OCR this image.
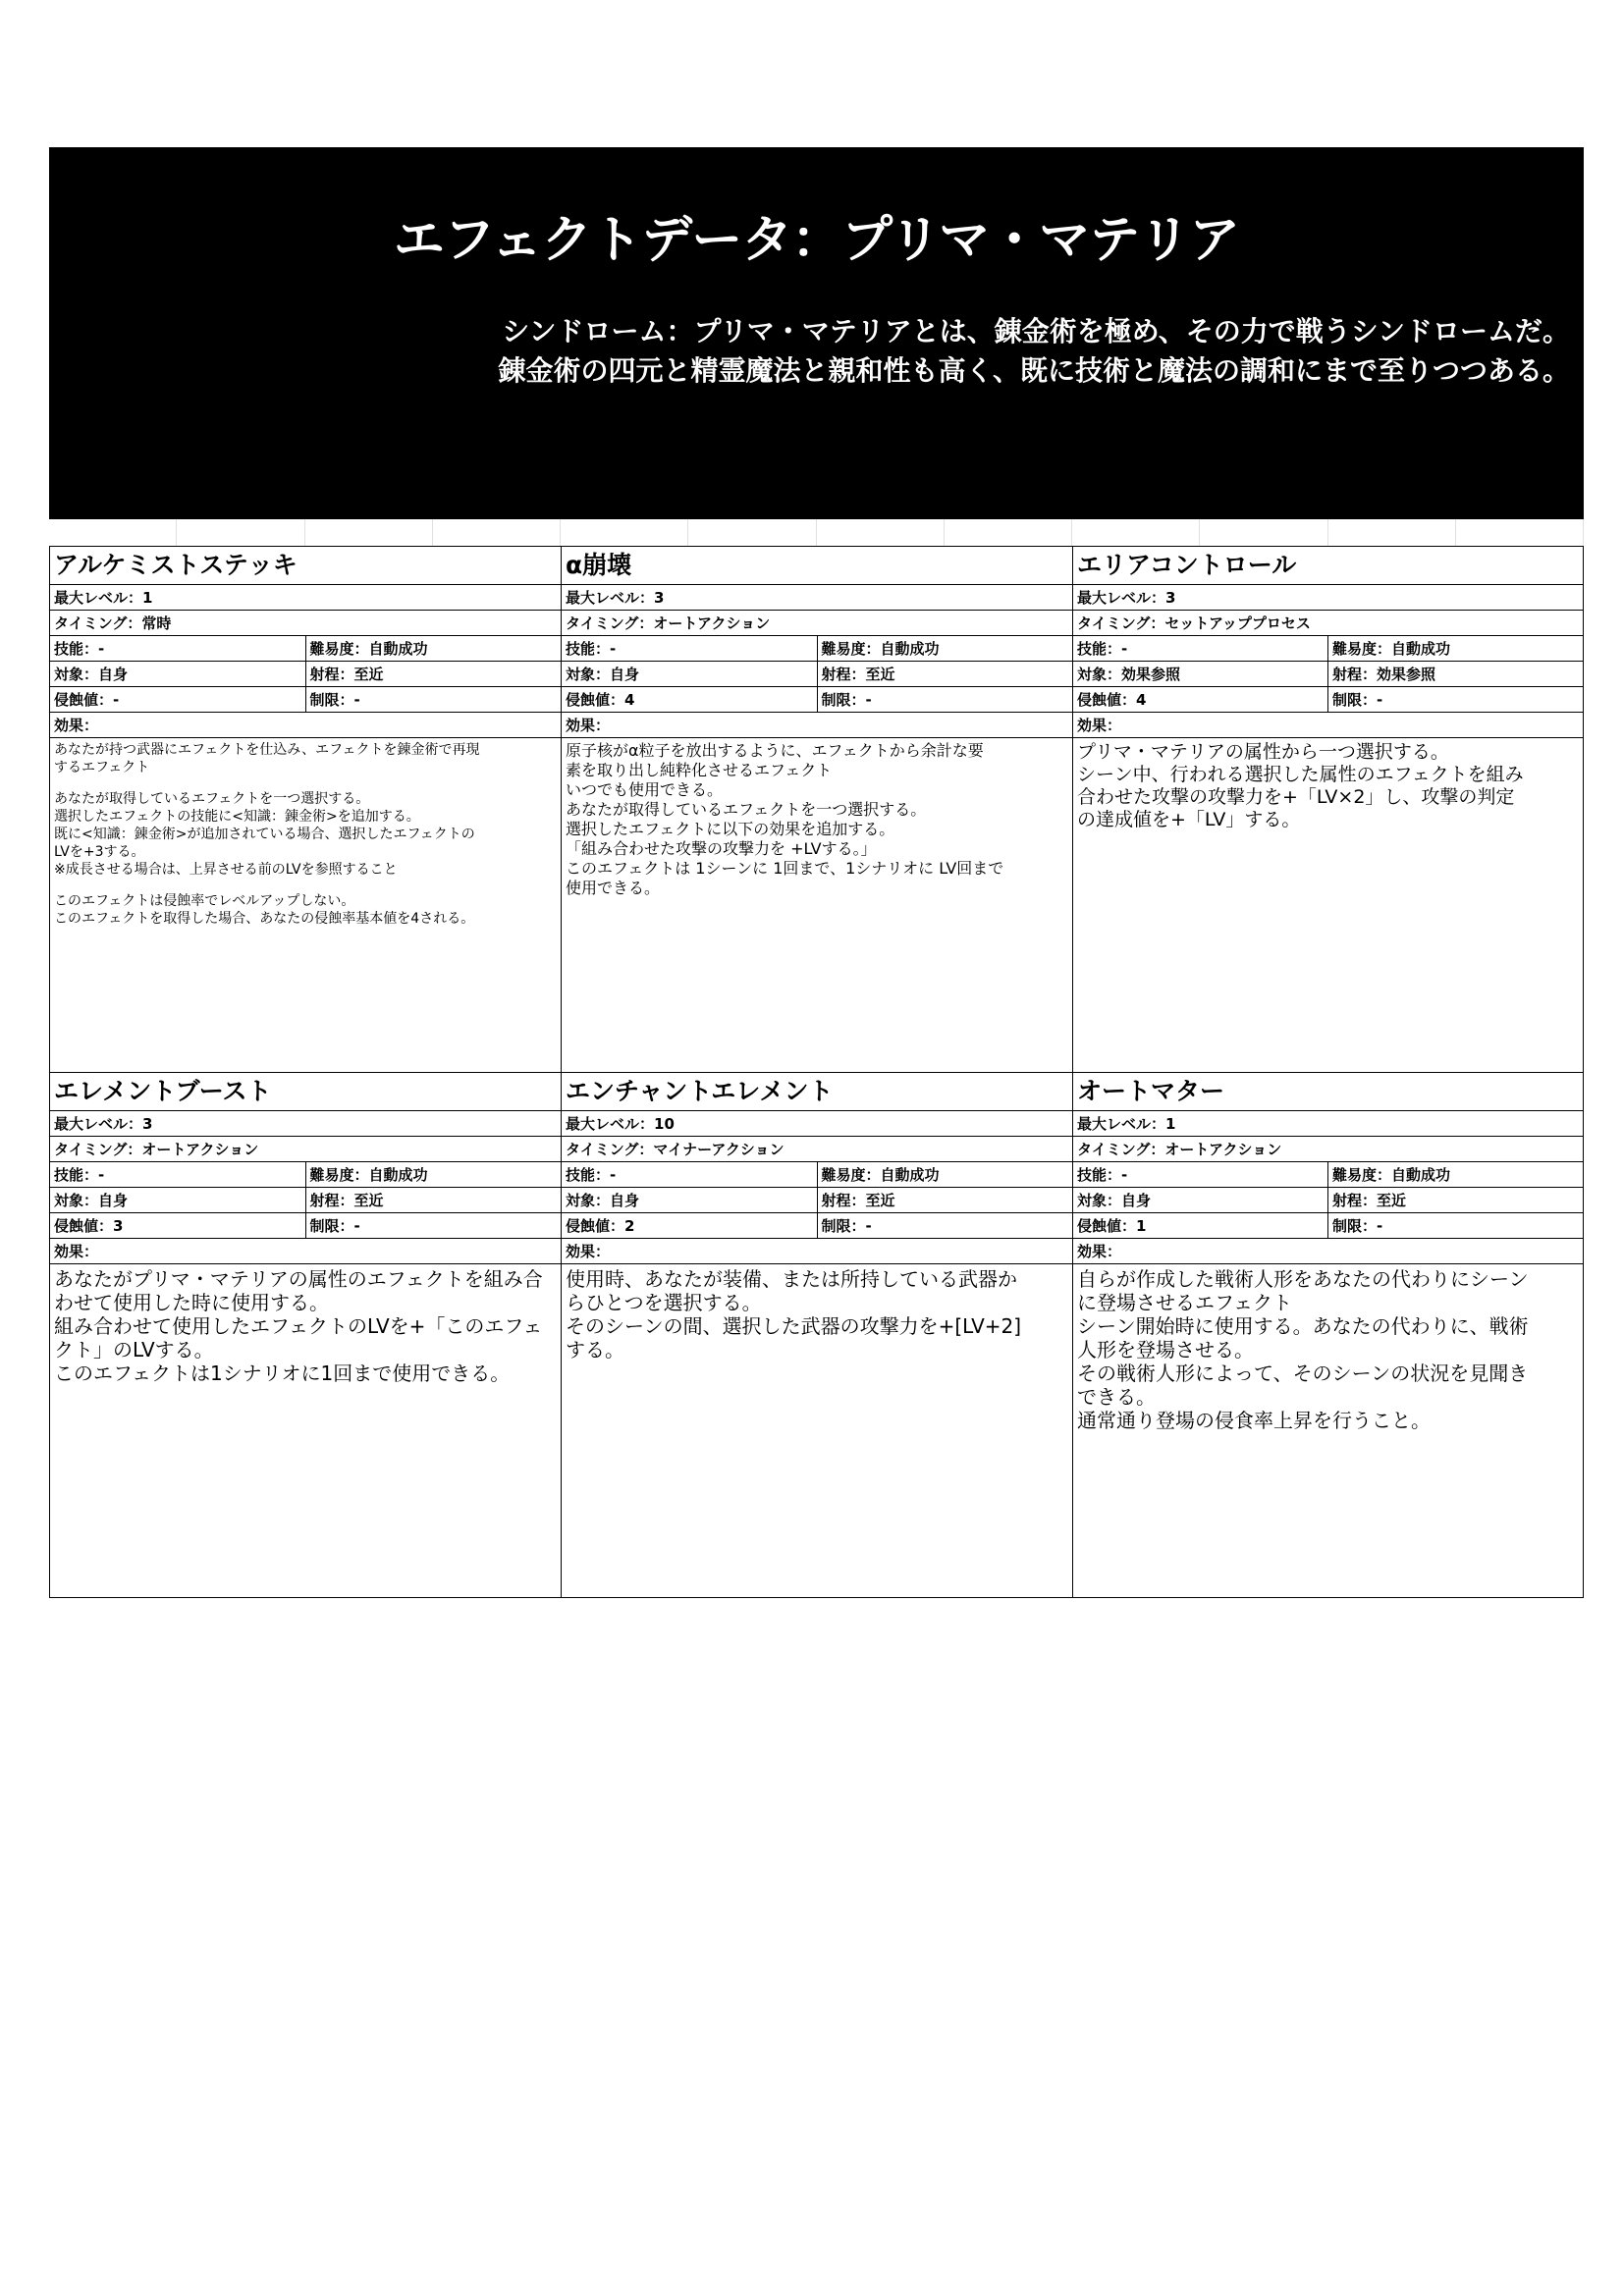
エフェクトデータ：プリマ・マテリア
シンドローム：プリマ・マテリアとは、錬金術を極め、その力で戦うシンドロームだ。
錬金術の四元と精霊魔法と親和性も高く、既に技術と魔法の調和にまで至りつつある。
アルケミストステッキ
最大レベル：1
タイミング：常時
技能：-	難易度：自動成功
対象：自身	射程：至近
侵蝕値：-	制限：-
効果：
あなたが持つ武器にエフェクトを仕込み、エフェクトを錬金術で再現
するエフェクト
あなたが取得しているエフェクトを一つ選択する。
選択したエフェクトの技能に<知識：錬金術>を追加する。
既に<知識：錬金術>が追加されている場合、選択したエフェクトの
LVを+3する。
※成長させる場合は、上昇させる前のLVを参照すること
このエフェクトは侵蝕率でレベルアップしない。
このエフェクトを取得した場合、あなたの侵蝕率基本値を4される。
α崩壊
最大レベル：3
タイミング：オートアクション
技能：-	難易度：自動成功
対象：自身	射程：至近
侵蝕値：4	制限：-
効果：
原子核がα粒子を放出するように、エフェクトから余計な要
素を取り出し純粋化させるエフェクト
いつでも使用できる。
あなたが取得しているエフェクトを一つ選択する。
選択したエフェクトに以下の効果を追加する。
「組み合わせた攻撃の攻撃力を +LVする。」
このエフェクトは 1シーンに 1回まで、1シナリオに LV回まで
使用できる。
エリアコントロール
最大レベル：3
タイミング：セットアッププロセス
技能：-	難易度：自動成功
対象：効果参照	射程：効果参照
侵蝕値：4	制限：-
効果：
プリマ・マテリアの属性から一つ選択する。
シーン中、行われる選択した属性のエフェクトを組み
合わせた攻撃の攻撃力を+「LV×2」し、攻撃の判定
の達成値を+「LV」する。
エレメントブースト
最大レベル：3
タイミング：オートアクション
技能：-	難易度：自動成功
対象：自身	射程：至近
侵蝕値：3	制限：-
効果：
あなたがプリマ・マテリアの属性のエフェクトを組み合
わせて使用した時に使用する。
組み合わせて使用したエフェクトのLVを+「このエフェ
クト」のLVする。
このエフェクトは1シナリオに1回まで使用できる。
エンチャントエレメント
最大レベル：10
タイミング：マイナーアクション
技能：-	難易度：自動成功
対象：自身	射程：至近
侵蝕値：2	制限：-
効果：
使用時、あなたが装備、または所持している武器か
らひとつを選択する。
そのシーンの間、選択した武器の攻撃力を+[LV+2]
する。
オートマター
最大レベル：1
タイミング：オートアクション
技能：-	難易度：自動成功
対象：自身	射程：至近
侵蝕値：1	制限：-
効果：
自らが作成した戦術人形をあなたの代わりにシーン
に登場させるエフェクト
シーン開始時に使用する。あなたの代わりに、戦術
人形を登場させる。
その戦術人形によって、そのシーンの状況を見聞き
できる。
通常通り登場の侵食率上昇を行うこと。
